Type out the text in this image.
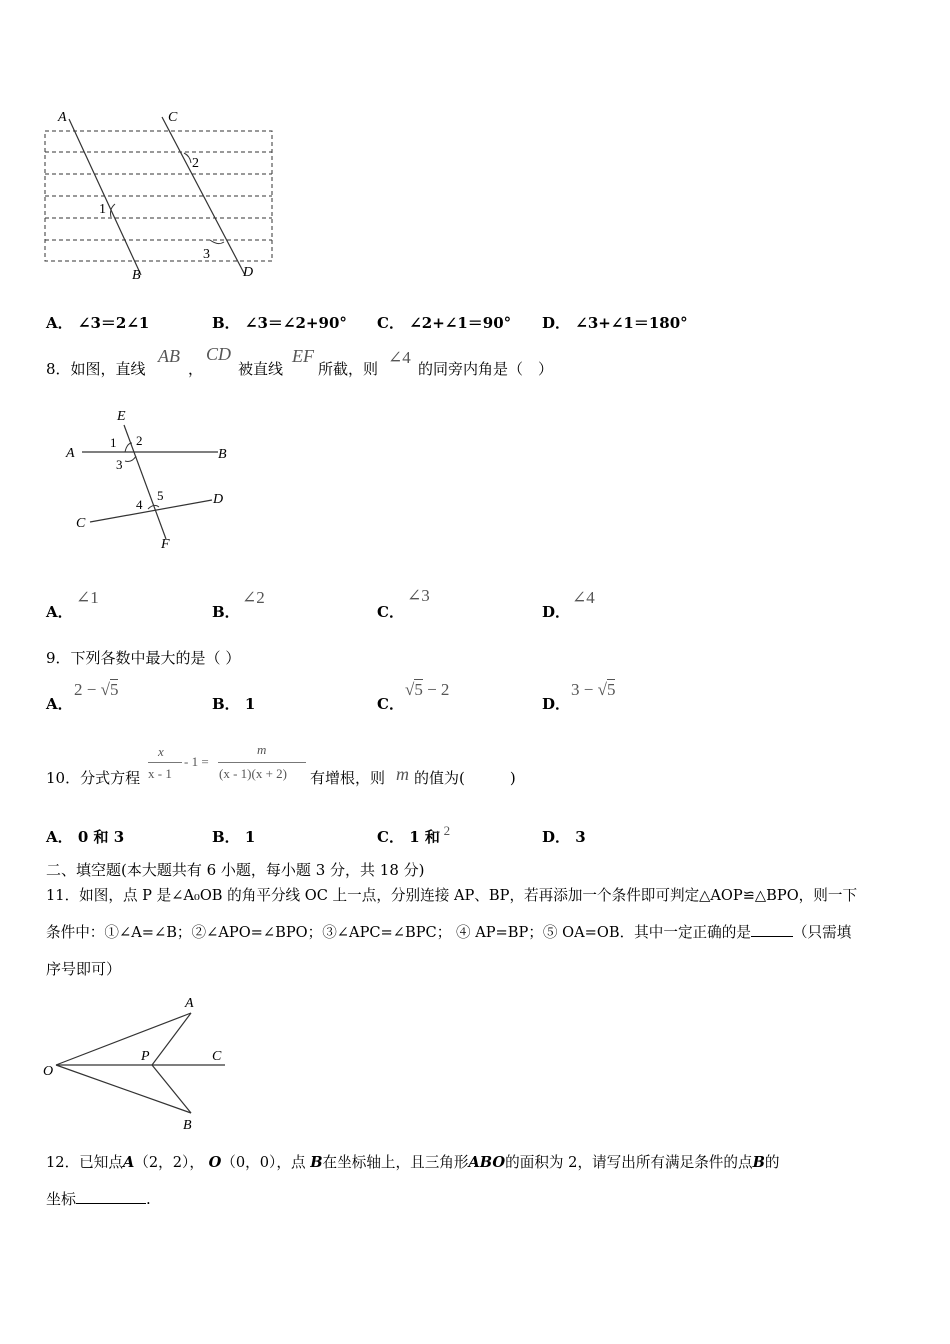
A	C
B	D
1
2
3
A． ∠3＝2∠1	B． ∠3＝∠2+90° C． ∠2+∠1＝90° D． ∠3+∠1＝180°
8．如图，直线
AB
，
CD
被直线
EF
所截，则
∠4
的同旁内角是（　）
E
A	B
C
D
F
1 2
3
4
5
A．
∠1
B．
∠2
C．
∠3
D．
∠4
9．下列各数中最大的是（ ）
A．
2 − √5
B． 1	C．
√5 − 2
D．
3 − √5
10．分式方程
x
x - 1
- 1 =
m
(x - 1)(x + 2) 有增根，则 m 的值为(　　　)
A． 0 和 3	B． 1	C． 1 和
- 2	D． 3
二、填空题(本大题共有 6 小题，每小题 3 分，共 18 分)
11．如图，点 P 是∠A₀OB 的角平分线 OC 上一点，分别连接 AP、BP，若再添加一个条件即可判定△AOP≌△BPO，则一下
条件中：①∠A=∠B；②∠APO=∠BPO；③∠APC=∠BPC； ④ AP=BP；⑤ OA=OB．其中一定正确的是	（只需填
序号即可）
A
O
P	C
B
12．已知点A（2，2）， O（0，0），点 B在坐标轴上，且三角形ABO的面积为 2，请写出所有满足条件的点B的
坐标	.
